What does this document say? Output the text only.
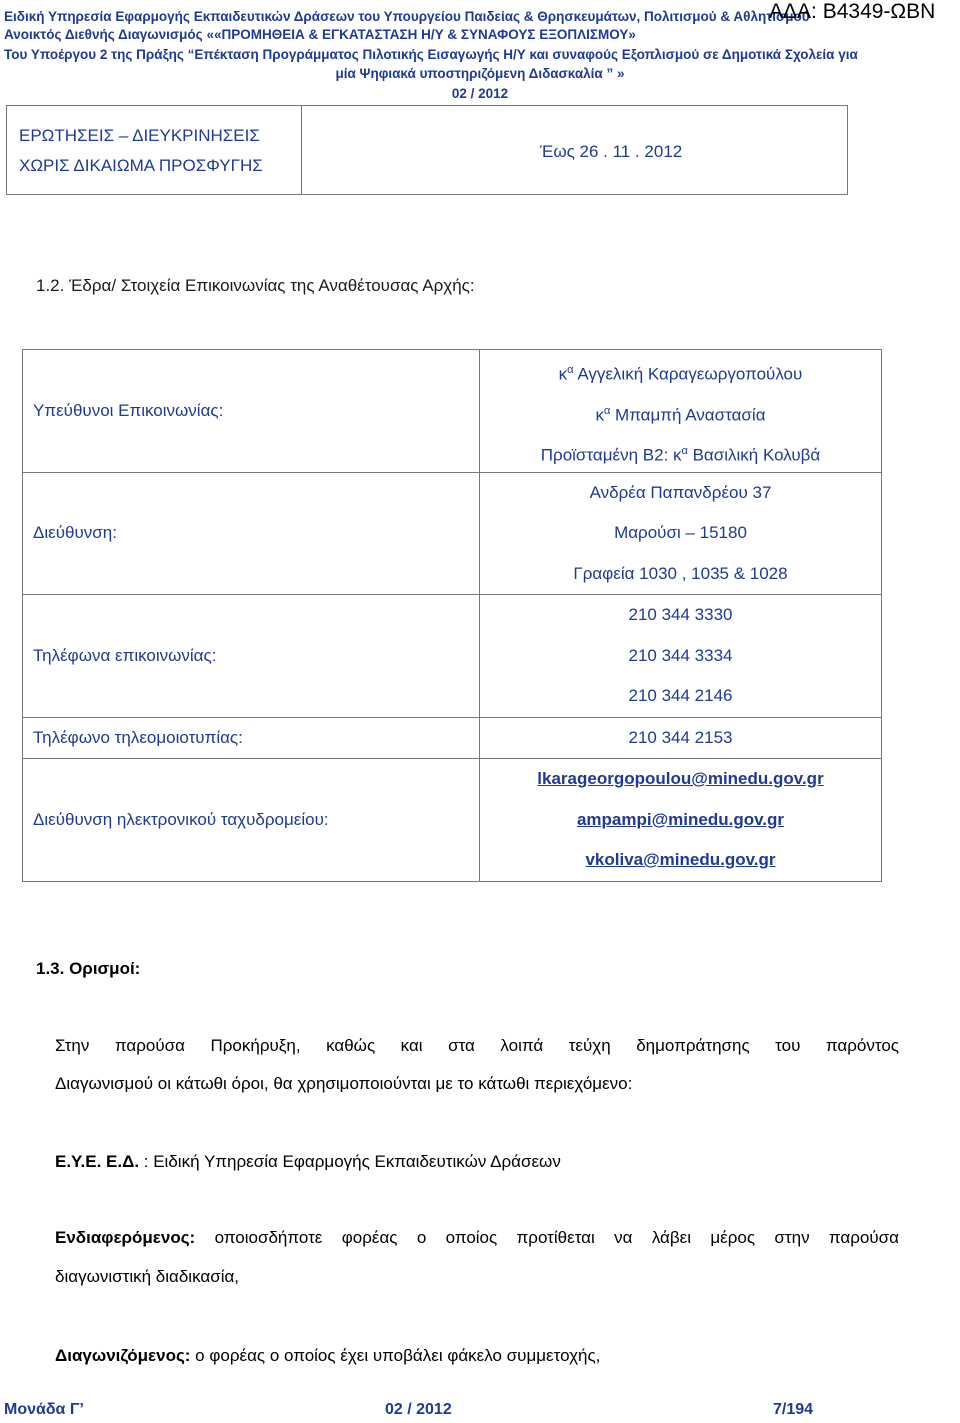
Ειδική Υπηρεσία Εφαρμογής Εκπαιδευτικών Δράσεων του Υπουργείου Παιδείας & Θρησκευμάτων, Πολιτισμού & Αθλητισμού
ΑΔΑ: Β4349-ΩΒΝ
Ανοικτός Διεθνής Διαγωνισμός ««ΠΡΟΜΗΘΕΙΑ & ΕΓΚΑΤΑΣΤΑΣΗ Η/Υ & ΣΥΝΑΦΟΥΣ ΕΞΟΠΛΙΣΜΟΥ»
Του Υποέργου 2 της Πράξης “Επέκταση Προγράμματος Πιλοτικής Εισαγωγής Η/Υ και συναφούς Εξοπλισμού σε Δημοτικά Σχολεία για
μία Ψηφιακά υποστηριζόμενη Διδασκαλία ” »
02 / 2012
ΕΡΩΤΗΣΕΙΣ – ΔΙΕΥΚΡΙΝΗΣΕΙΣ
ΧΩΡΙΣ ΔΙΚΑΙΩΜΑ ΠΡΟΣΦΥΓΗΣ
Έως 26 . 11 . 2012
1.2. Έδρα/ Στοιχεία Επικοινωνίας της Αναθέτουσας Αρχής:
Υπεύθυνοι Επικοινωνίας:	$\kappa^\alpha$ Αγγελική Καραγεωργοπούλου
$\kappa^\alpha$ Μπαμπή Αναστασία
Προϊσταμένη Β2: $\kappa^\alpha$ Βασιλική Κολυβά

Διεύθυνση:	Ανδρέα Παπανδρέου 37
Μαρούσι – 15180
Γραφεία 1030 , 1035 & 1028

Τηλέφωνα επικοινωνίας:	210 344 3330
210 344 3334
210 344 2146

Τηλέφωνο τηλεομοιοτυπίας:	210 344 2153

Διεύθυνση ηλεκτρονικού ταχυδρομείου:	lkarageorgopoulou@minedu.gov.gr
ampampi@minedu.gov.gr
vkoliva@minedu.gov.gr
1.3. Ορισμοί:
Στην παρούσα Προκήρυξη, καθώς και στα λοιπά τεύχη δημοπράτησης του παρόντος
Διαγωνισμού οι κάτωθι όροι, θα χρησιμοποιούνται με το κάτωθι περιεχόμενο:
Ε.Υ.Ε. Ε.Δ. : Ειδική Υπηρεσία Εφαρμογής Εκπαιδευτικών Δράσεων
Ενδιαφερόμενος: οποιοσδήποτε φορέας ο οποίος προτίθεται να λάβει μέρος στην παρούσα
διαγωνιστική διαδικασία,
Διαγωνιζόμενος: ο φορέας ο οποίος έχει υποβάλει φάκελο συμμετοχής,
Μονάδα Γ’	02 / 2012	7/194
